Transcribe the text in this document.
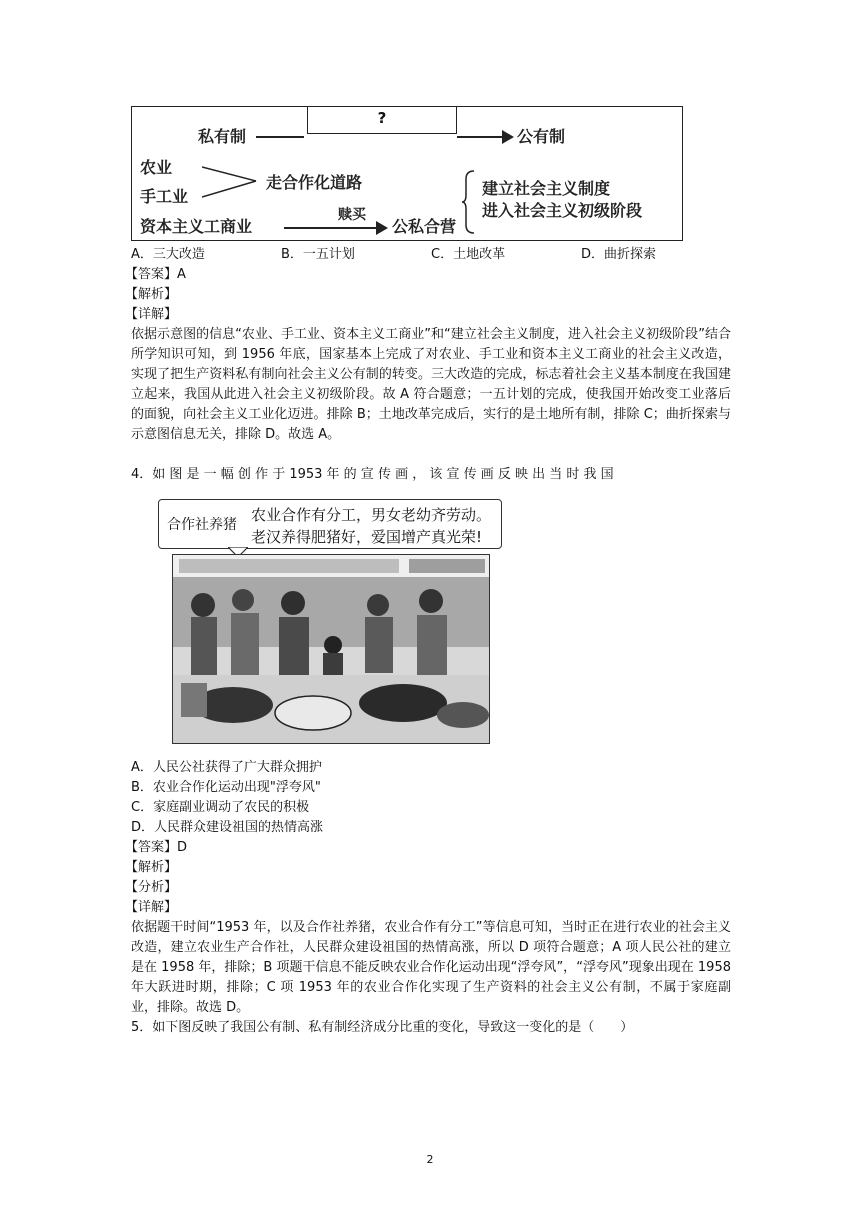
?
私有制	公有制
农业
手工业
走合作化道路
资本主义工商业
赎买
公私合营
建立社会主义制度
进入社会主义初级阶段
A．三大改造	B．一五计划	C．土地改革	D．曲折探索
【答案】A
【解析】
【详解】
依据示意图的信息“农业、手工业、资本主义工商业”和“建立社会主义制度，进入社会主义初级阶段”结合所学知识可知，到 1956 年底，国家基本上完成了对农业、手工业和资本主义工商业的社会主义改造，实现了把生产资料私有制向社会主义公有制的转变。三大改造的完成，标志着社会主义基本制度在我国建立起来，我国从此进入社会主义初级阶段。故 A 符合题意；一五计划的完成，使我国开始改变工业落后的面貌，向社会主义工业化迈进。排除 B；土地改革完成后，实行的是土地所有制，排除 C；曲折探索与示意图信息无关，排除 D。故选 A。
4．如 图 是 一 幅 创 作 于 1953 年 的 宣 传 画 ， 该 宣 传 画 反 映 出 当 时 我 国
合作社养猪
农业合作有分工，男女老幼齐劳动。
老汉养得肥猪好，爱国增产真光荣!
A．人民公社获得了广大群众拥护
B．农业合作化运动出现"浮夸风"
C．家庭副业调动了农民的积极
D．人民群众建设祖国的热情高涨
【答案】D
【解析】
【分析】
【详解】
依据题干时间“1953 年，以及合作社养猪，农业合作有分工”等信息可知，当时正在进行农业的社会主义改造，建立农业生产合作社，人民群众建设祖国的热情高涨，所以 D 项符合题意；A 项人民公社的建立是在 1958 年，排除；B 项题干信息不能反映农业合作化运动出现“浮夸风”，“浮夸风”现象出现在 1958 年大跃进时期，排除；C 项 1953 年的农业合作化实现了生产资料的社会主义公有制，不属于家庭副业，排除。故选 D。
5．如下图反映了我国公有制、私有制经济成分比重的变化，导致这一变化的是（　　）
2
